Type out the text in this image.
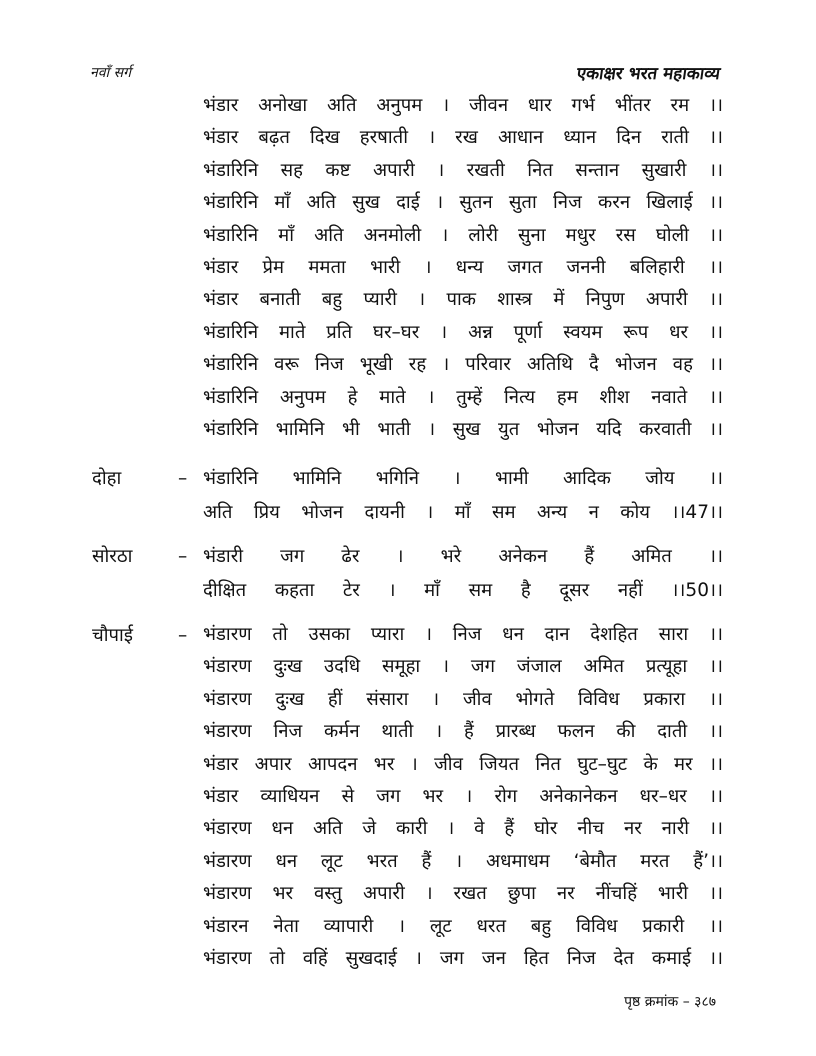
नवाँ सर्ग	एकाक्षर भरत महाकाव्य
भंडार अनोखा अति अनुपम । जीवन धार गर्भ भींतर रम ।।
भंडार बढ़त दिख हरषाती । रख आधान ध्यान दिन राती ।।
भंडारिनि सह कष्ट अपारी । रखती नित सन्तान सुखारी ।।
भंडारिनि माँ अति सुख दाई । सुतन सुता निज करन खिलाई ।।
भंडारिनि माँ अति अनमोली । लोरी सुना मधुर रस घोली ।।
भंडार प्रेम ममता भारी । धन्य जगत जननी बलिहारी ।।
भंडार बनाती बहु प्यारी । पाक शास्त्र में निपुण अपारी ।।
भंडारिनि माते प्रति घर–घर । अन्न पूर्णा स्वयम रूप धर ।।
भंडारिनि वरू निज भूखी रह । परिवार अतिथि दै भोजन वह ।।
भंडारिनि अनुपम हे माते । तुम्हें नित्य हम शीश नवाते ।।
भंडारिनि भामिनि भी भाती । सुख युत भोजन यदि करवाती ।।
दोहा	– भंडारिनि भामिनि भगिनि । भामी आदिक जोय ।।
अति प्रिय भोजन दायनी । माँ सम अन्य न कोय ।।47।।
सोरठा – भंडारी जग ढेर । भरे अनेकन हैं अमित ।।
दीक्षित कहता टेर । माँ सम है दूसर नहीं ।।50।।
चौपाई – भंडारण तो उसका प्यारा । निज धन दान देशहित सारा ।।
भंडारण दुःख उदधि समूहा । जग जंजाल अमित प्रत्यूहा ।।
भंडारण दुःख हीं संसारा । जीव भोगते विविध प्रकारा ।।
भंडारण निज कर्मन थाती । हैं प्रारब्ध फलन की दाती ।।
भंडार अपार आपदन भर । जीव जियत नित घुट–घुट के मर ।।
भंडार व्याधियन से जग भर । रोग अनेकानेकन धर–धर ।।
भंडारण धन अति जे कारी । वे हैं घोर नीच नर नारी ।।
भंडारण धन लूट भरत हैं । अधमाधम ‘बेमौत मरत हैं’।।
भंडारण भर वस्तु अपारी । रखत छुपा नर नींचहिं भारी ।।
भंडारन नेता व्यापारी । लूट धरत बहु विविध प्रकारी ।।
भंडारण तो वहिं सुखदाई । जग जन हित निज देत कमाई ।।
पृष्ठ क्रमांक – ३८७
